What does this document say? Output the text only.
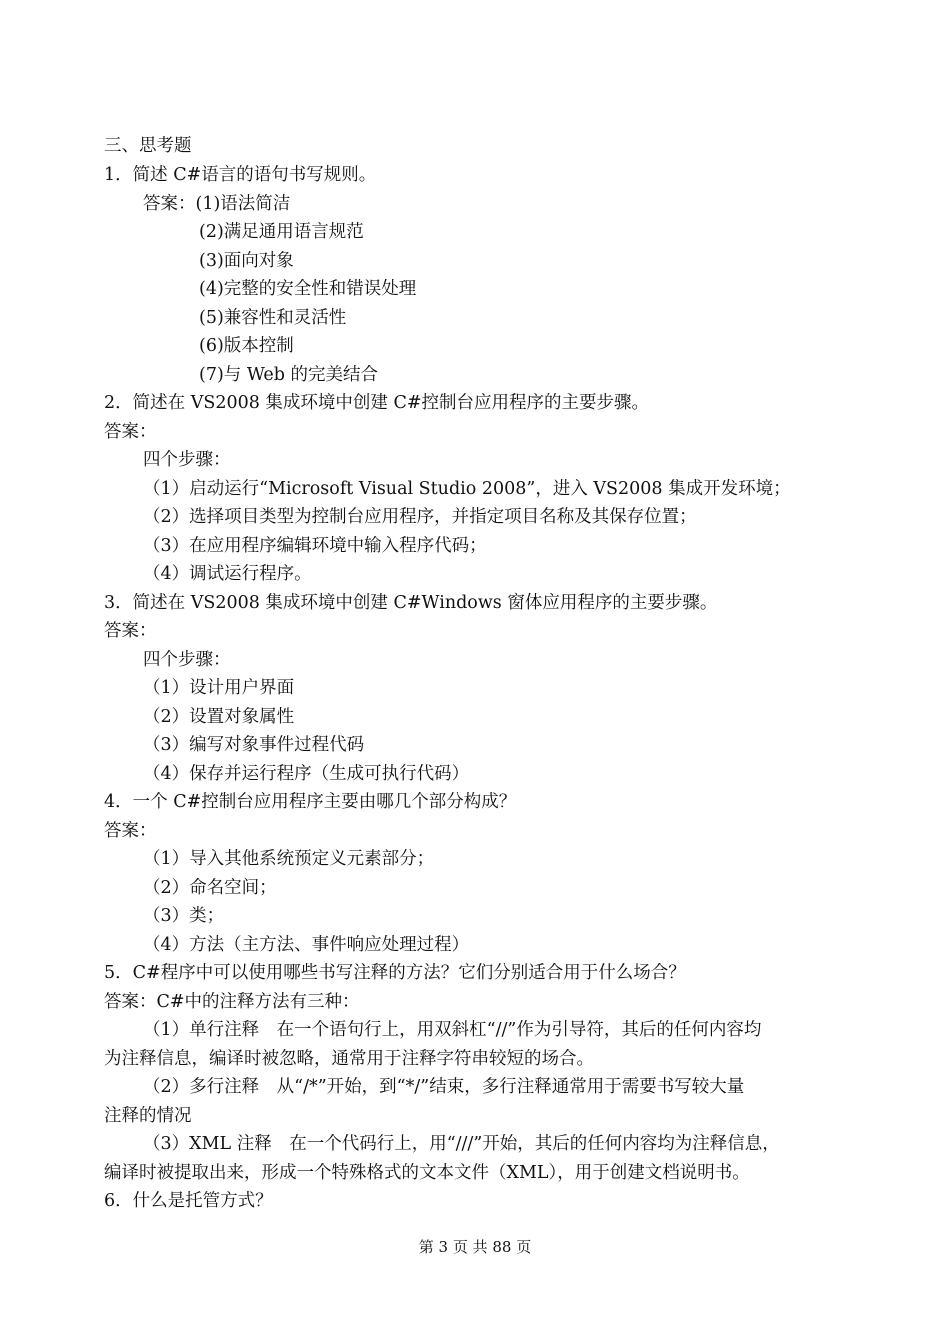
三、思考题
1．简述 C#语言的语句书写规则。
答案：(1)语法简洁
(2)满足通用语言规范
(3)面向对象
(4)完整的安全性和错误处理
(5)兼容性和灵活性
(6)版本控制
(7)与 Web 的完美结合
2．简述在 VS2008 集成环境中创建 C#控制台应用程序的主要步骤。
答案：
四个步骤：
（1）启动运行“Microsoft Visual Studio 2008”，进入 VS2008 集成开发环境；
（2）选择项目类型为控制台应用程序，并指定项目名称及其保存位置；
（3）在应用程序编辑环境中输入程序代码；
（4）调试运行程序。
3．简述在 VS2008 集成环境中创建 C#Windows 窗体应用程序的主要步骤。
答案：
四个步骤：
（1）设计用户界面
（2）设置对象属性
（3）编写对象事件过程代码
（4）保存并运行程序（生成可执行代码）
4．一个 C#控制台应用程序主要由哪几个部分构成？
答案：
（1）导入其他系统预定义元素部分；
（2）命名空间；
（3）类；
（4）方法（主方法、事件响应处理过程）
5．C#程序中可以使用哪些书写注释的方法？它们分别适合用于什么场合？
答案：C#中的注释方法有三种：
（1）单行注释　在一个语句行上，用双斜杠“//”作为引导符，其后的任何内容均
为注释信息，编译时被忽略，通常用于注释字符串较短的场合。
（2）多行注释　从“/*”开始，到“*/”结束，多行注释通常用于需要书写较大量
注释的情况
（3）XML 注释　在一个代码行上，用“///”开始，其后的任何内容均为注释信息，
编译时被提取出来，形成一个特殊格式的文本文件（XML），用于创建文档说明书。
6．什么是托管方式？
第 3 页 共 88 页
